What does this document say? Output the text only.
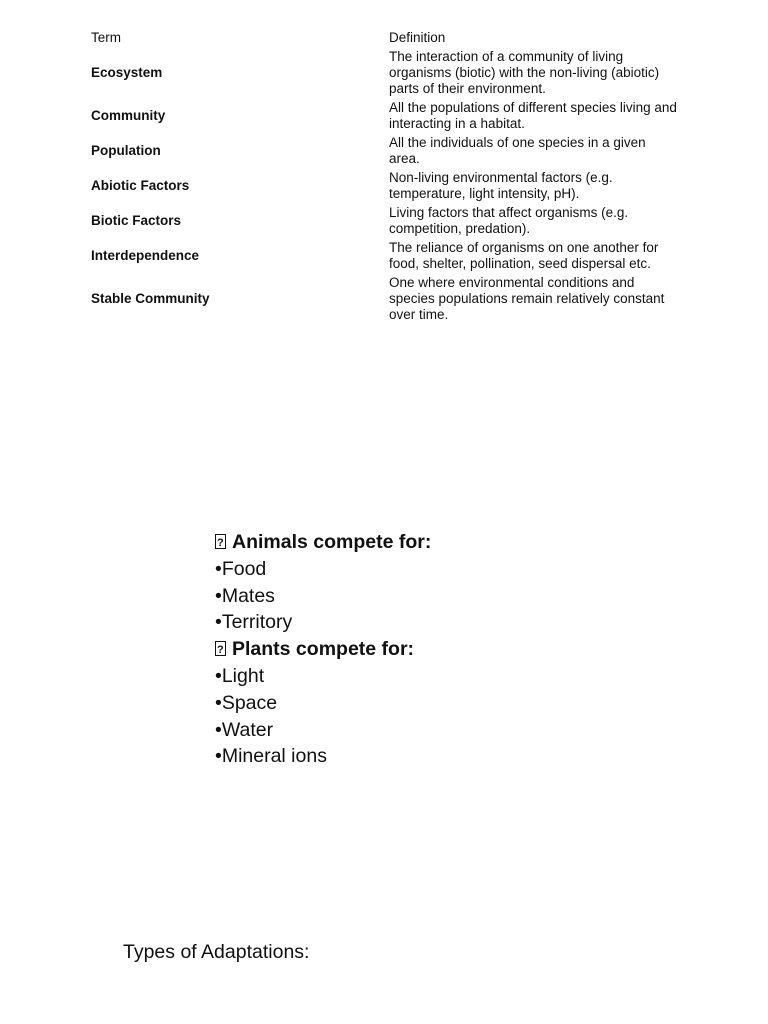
Term	Definition
Ecosystem
The interaction of a community of living organisms (biotic) with the non-living (abiotic) parts of their environment.
Community
All the populations of different species living and interacting in a habitat.
Population
All the individuals of one species in a given area.
Abiotic Factors
Non-living environmental factors (e.g. temperature, light intensity, pH).
Biotic Factors
Living factors that affect organisms (e.g. competition, predation).
Interdependence
The reliance of organisms on one another for food, shelter, pollination, seed dispersal etc.
Stable Community
One where environmental conditions and species populations remain relatively constant over time.
?Animals compete for:
•Food
•Mates
•Territory
?Plants compete for:
•Light
•Space
•Water
•Mineral ions
Types of Adaptations:
